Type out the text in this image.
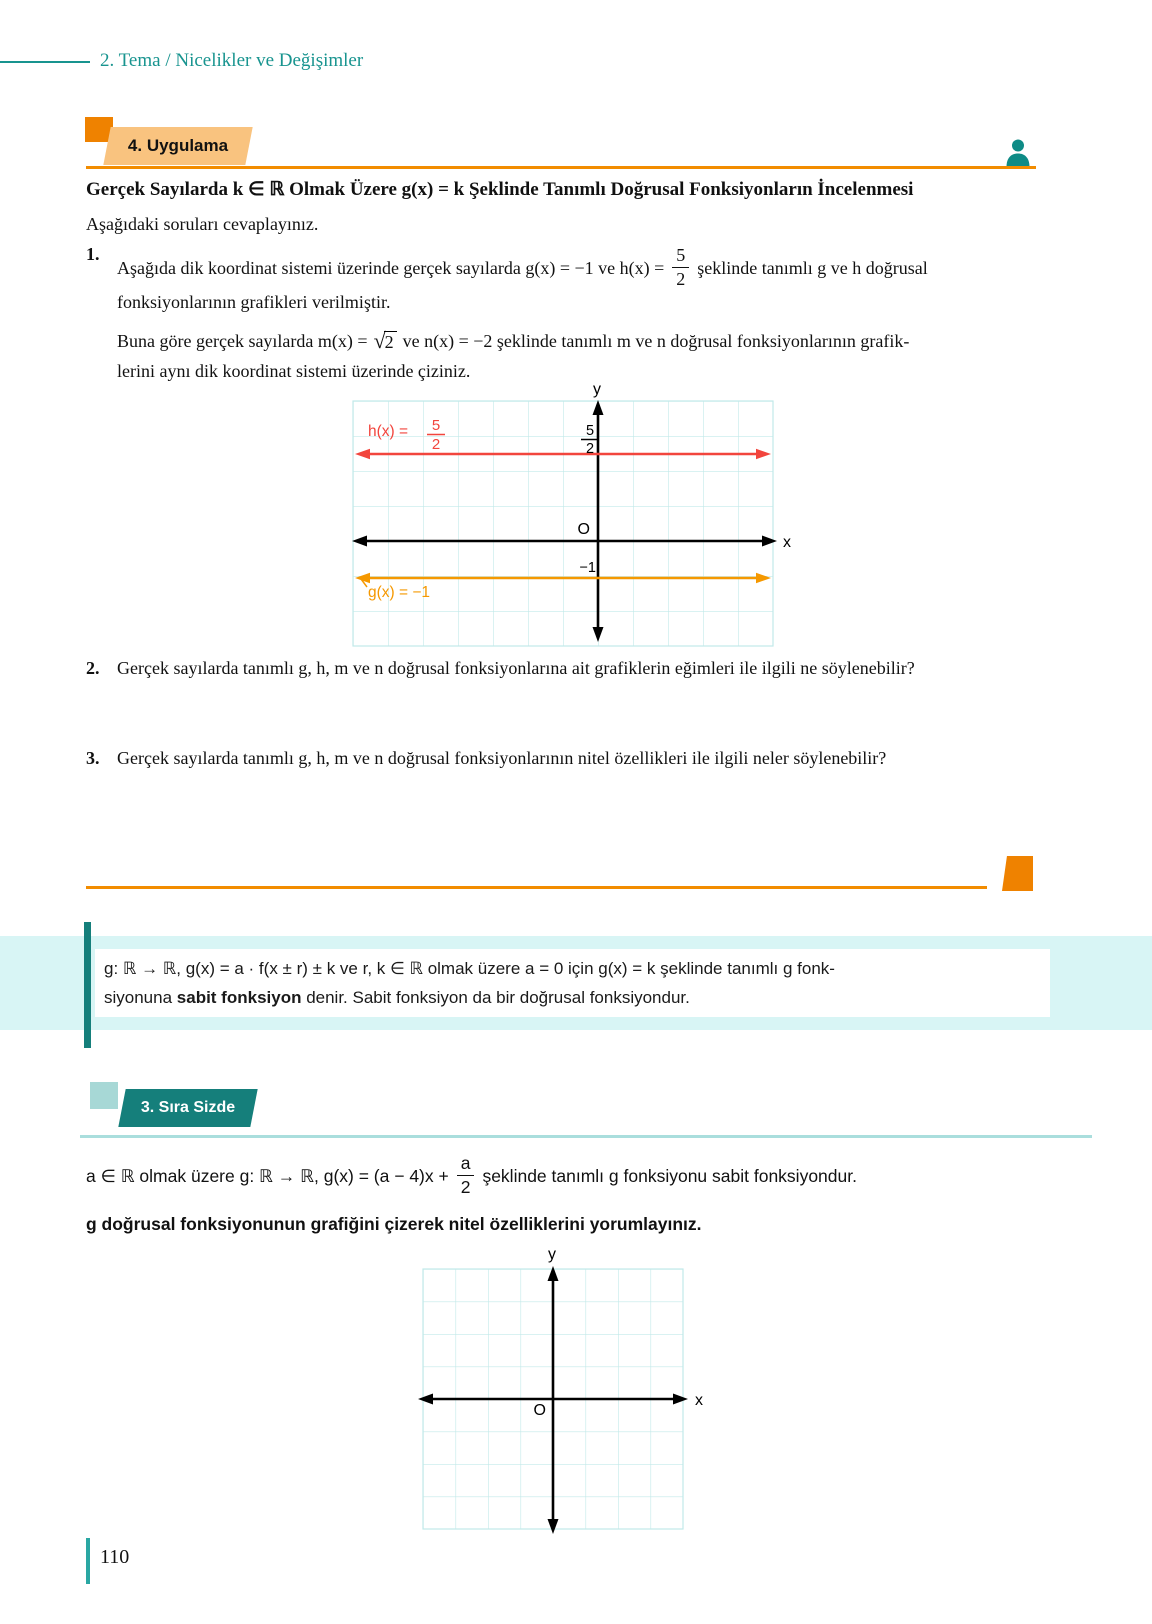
2. Tema / Nicelikler ve Değişimler
4. Uygulama
Gerçek Sayılarda k ∈ ℝ Olmak Üzere g(x) = k Şeklinde Tanımlı Doğrusal Fonksiyonların İncelenmesi
Aşağıdaki soruları cevaplayınız.
1.
Aşağıda dik koordinat sistemi üzerinde gerçek sayılarda g(x) = −1 ve $h(x) = \frac{5}{2}$ şeklinde tanımlı g ve h doğrusal
fonksiyonlarının grafikleri verilmiştir.
Buna göre gerçek sayılarda m(x) = √2 ve n(x) = −2 şeklinde tanımlı m ve n doğrusal fonksiyonlarının grafik-
lerini aynı dik koordinat sistemi üzerinde çiziniz.
x
y
O
h(x) = 5
2
5
2
−1
g(x) = −1
2. Gerçek sayılarda tanımlı g, h, m ve n doğrusal fonksiyonlarına ait grafiklerin eğimleri ile ilgili ne söylenebilir?
3. Gerçek sayılarda tanımlı g, h, m ve n doğrusal fonksiyonlarının nitel özellikleri ile ilgili neler söylenebilir?
g: ℝ → ℝ, g(x) = a · f(x ± r) ± k ve r, k ∈ ℝ olmak üzere a = 0 için g(x) = k şeklinde tanımlı g fonk-
siyonuna sabit fonksiyon denir. Sabit fonksiyon da bir doğrusal fonksiyondur.
3. Sıra Sizde
a ∈ ℝ olmak üzere g: ℝ → ℝ, $g(x) = (a - 4)x + \frac{a}{2}$ şeklinde tanımlı g fonksiyonu sabit fonksiyondur.
g doğrusal fonksiyonunun grafiğini çizerek nitel özelliklerini yorumlayınız.
x
y
O
110
